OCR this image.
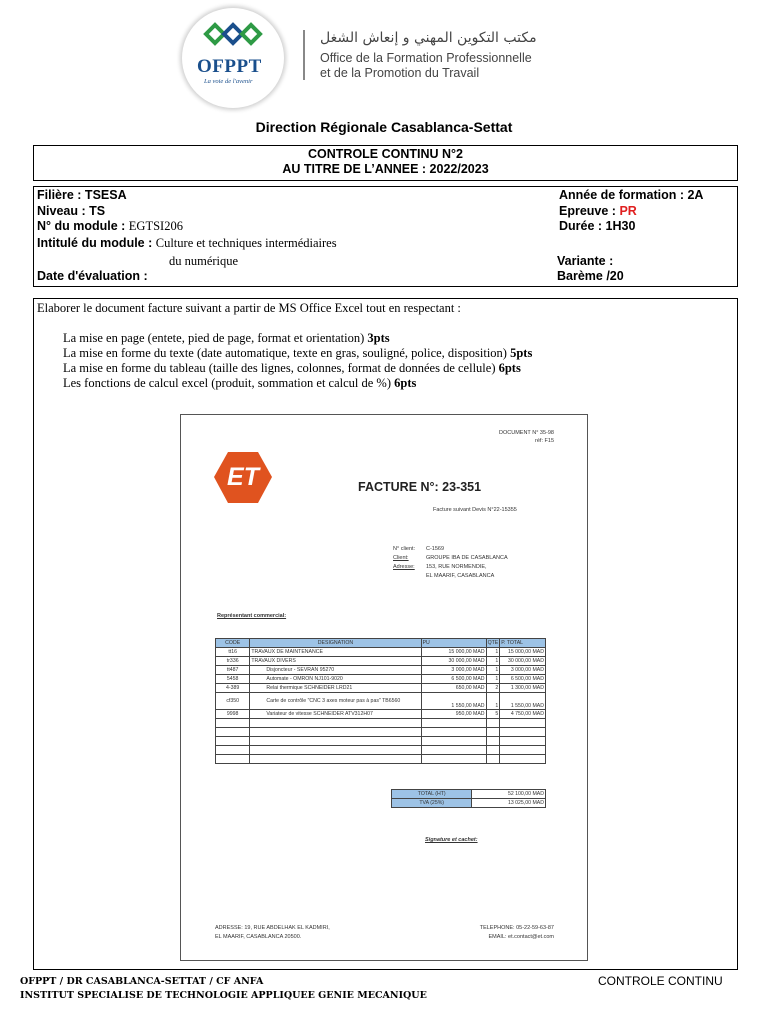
OFPPT
La voie de l'avenir
مكتب التكوين المهني و إنعاش الشغل
Office de la Formation Professionnelle
et de la Promotion du Travail
Direction Régionale Casablanca-Settat
CONTROLE CONTINU N°2
AU TITRE DE L’ANNEE : 2022/2023
Filière : TSESA
Niveau : TS
N° du module : EGTSI206
Intitulé du module : Culture et techniques intermédiaires
du numérique
Date d'évaluation :
Année de formation : 2A
Epreuve : PR
Durée : 1H30
Variante :
Barème /20
Elaborer le document facture suivant a partir de MS Office Excel tout en respectant :
La mise en page (entete, pied de page, format et orientation) 3pts
La mise en forme du texte (date automatique, texte en gras, souligné, police, disposition) 5pts
La mise en forme du tableau (taille des lignes, colonnes, format de données de cellule) 6pts
Les fonctions de calcul excel (produit, sommation et calcul de %) 6pts
DOCUMENT N° 35-98
réf: F15
ET	FACTURE N°: 23-351
Facture suivant Devis N°22-15355
N° client: C-1569
Client:	GROUPE IBA DE CASABLANCA
Adresse: 153, RUE NORMENDIE,
EL MAARIF, CASABLANCA
Représentant commercial:
CODE	DESIGNATION	PU	QTE	P. TOTAL
tt16	TRAVAUX DE MAINTENANCE	15 000,00 MAD	1	15 000,00 MAD
tr336	TRAVAUX DIVERS	30 000,00 MAD	1	30 000,00 MAD
tt487	Disjoncteur - SEVRAN 95270	3 000,00 MAD	1	3 000,00 MAD
5458	Automate - OMRON NJ101-9020	6 500,00 MAD	1	6 500,00 MAD
4-389	Relai thermique SCHNEIDER LRD21	650,00 MAD	2	1 300,00 MAD
cf350	Carte de contrôle "CNC 3 axes moteur pas à pas" TB6560	1 550,00 MAD	1	1 550,00 MAD
9998	Variateur de vitesse SCHNEIDER ATV312H07	950,00 MAD	5	4 750,00 MAD

TOTAL (HT)	52 100,00 MAD
TVA (25%)	13 025,00 MAD
Signature et cachet:
ADRESSE: 19, RUE ABDELHAK EL KADMIRI,
EL MAARIF, CASABLANCA 20500.
TELEPHONE: 05-22-59-63-87
EMAIL: et.contact@et.com
OFPPT / DR CASABLANCA-SETTAT / CF ANFA
INSTITUT SPECIALISE DE TECHNOLOGIE APPLIQUEE GENIE MECANIQUE
CONTROLE CONTINU
